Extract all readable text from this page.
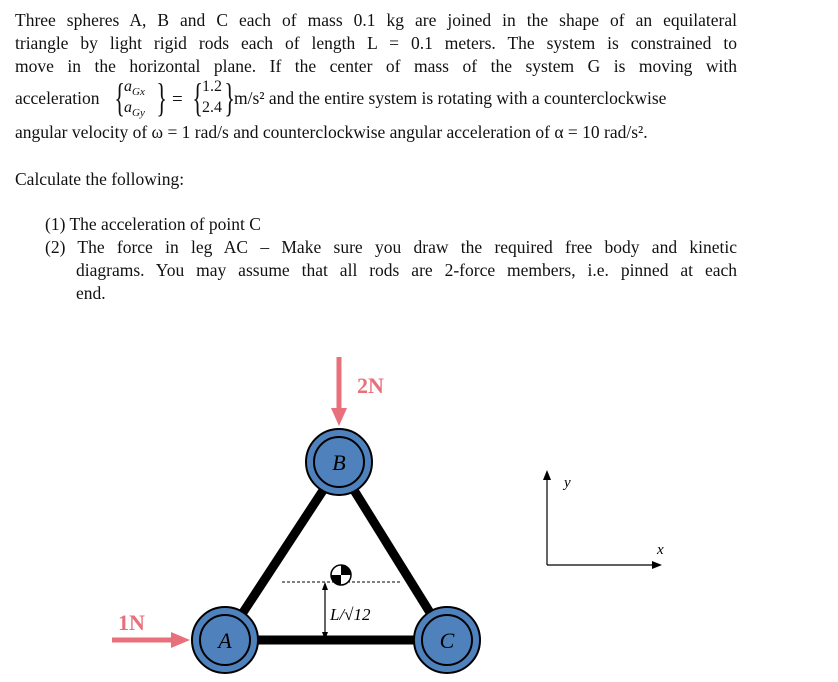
Three spheres A, B and C each of mass 0.1 kg are joined in the shape of an equilateral
triangle by light rigid rods each of length L = 0.1 meters. The system is constrained to
move in the horizontal plane. If the center of mass of the system G is moving with
acceleration { $a_{Gx}$
$a_{Gy}$ } = { 1.2
2.4 } m/s² and the entire system is rotating with a counterclockwise
angular velocity of ω = 1 rad/s and counterclockwise angular acceleration of α = 10 rad/s².
Calculate the following:
(1) The acceleration of point C
(2) The force in leg AC – Make sure you draw the required free body and kinetic
diagrams. You may assume that all rods are 2-force members, i.e. pinned at each
end.
L/√12
B
A	C
2N
1N
y
x
